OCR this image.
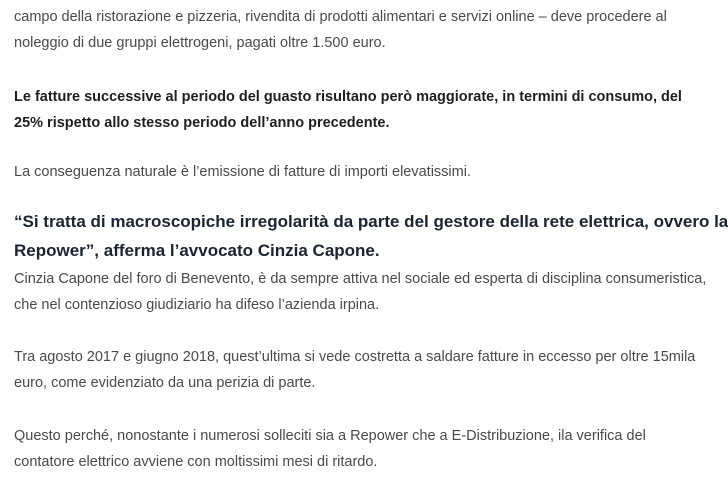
campo della ristorazione e pizzeria, rivendita di prodotti alimentari e servizi online – deve procedere al
noleggio di due gruppi elettrogeni, pagati oltre 1.500 euro.

Le fatture successive al periodo del guasto risultano però maggiorate, in termini di consumo, del
25% rispetto allo stesso periodo dell’anno precedente.

La conseguenza naturale è l’emissione di fatture di importi elevatissimi.

“Si tratta di macroscopiche irregolarità da parte del gestore della rete elettrica, ovvero la
Repower”, afferma l’avvocato Cinzia Capone.

Cinzia Capone del foro di Benevento, è da sempre attiva nel sociale ed esperta di disciplina consumeristica,
che nel contenzioso giudiziario ha difeso l’azienda irpina.

Tra agosto 2017 e giugno 2018, quest’ultima si vede costretta a saldare fatture in eccesso per oltre 15mila
euro, come evidenziato da una perizia di parte.

Questo perché, nonostante i numerosi solleciti sia a Repower che a E-Distribuzione, ila verifica del
contatore elettrico avviene con moltissimi mesi di ritardo.
